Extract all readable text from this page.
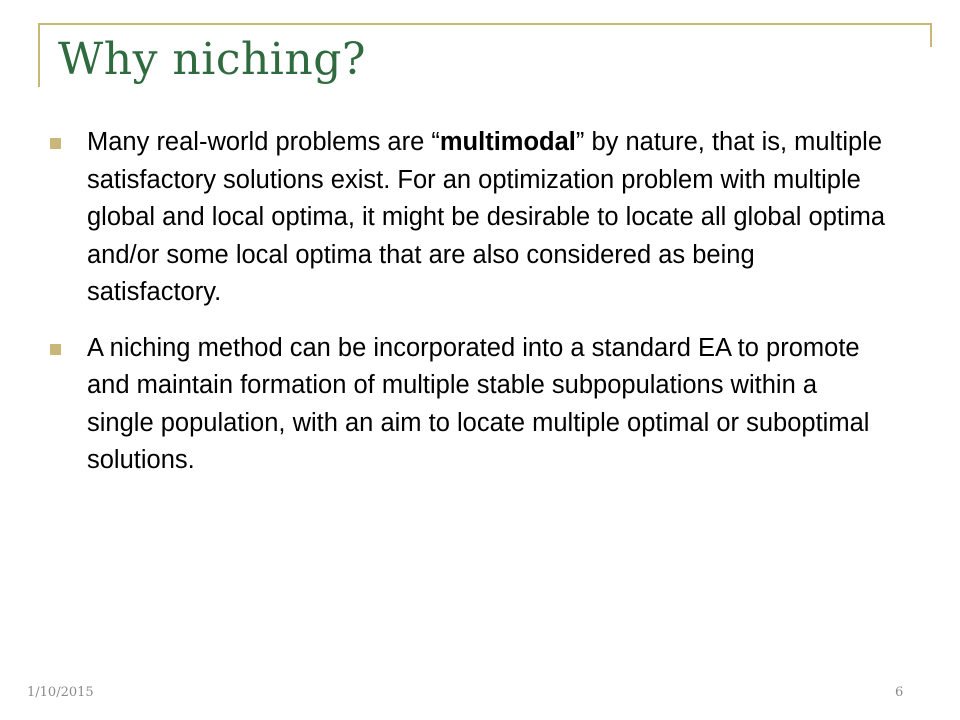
Why niching?
Many real-world problems are “multimodal” by nature, that is, multiple satisfactory solutions exist. For an optimization problem with multiple global and local optima, it might be desirable to locate all global optima and/or some local optima that are also considered as being satisfactory.
A niching method can be incorporated into a standard EA to promote and maintain formation of multiple stable subpopulations within a single population, with an aim to locate multiple optimal or suboptimal solutions.
1/10/2015	6
